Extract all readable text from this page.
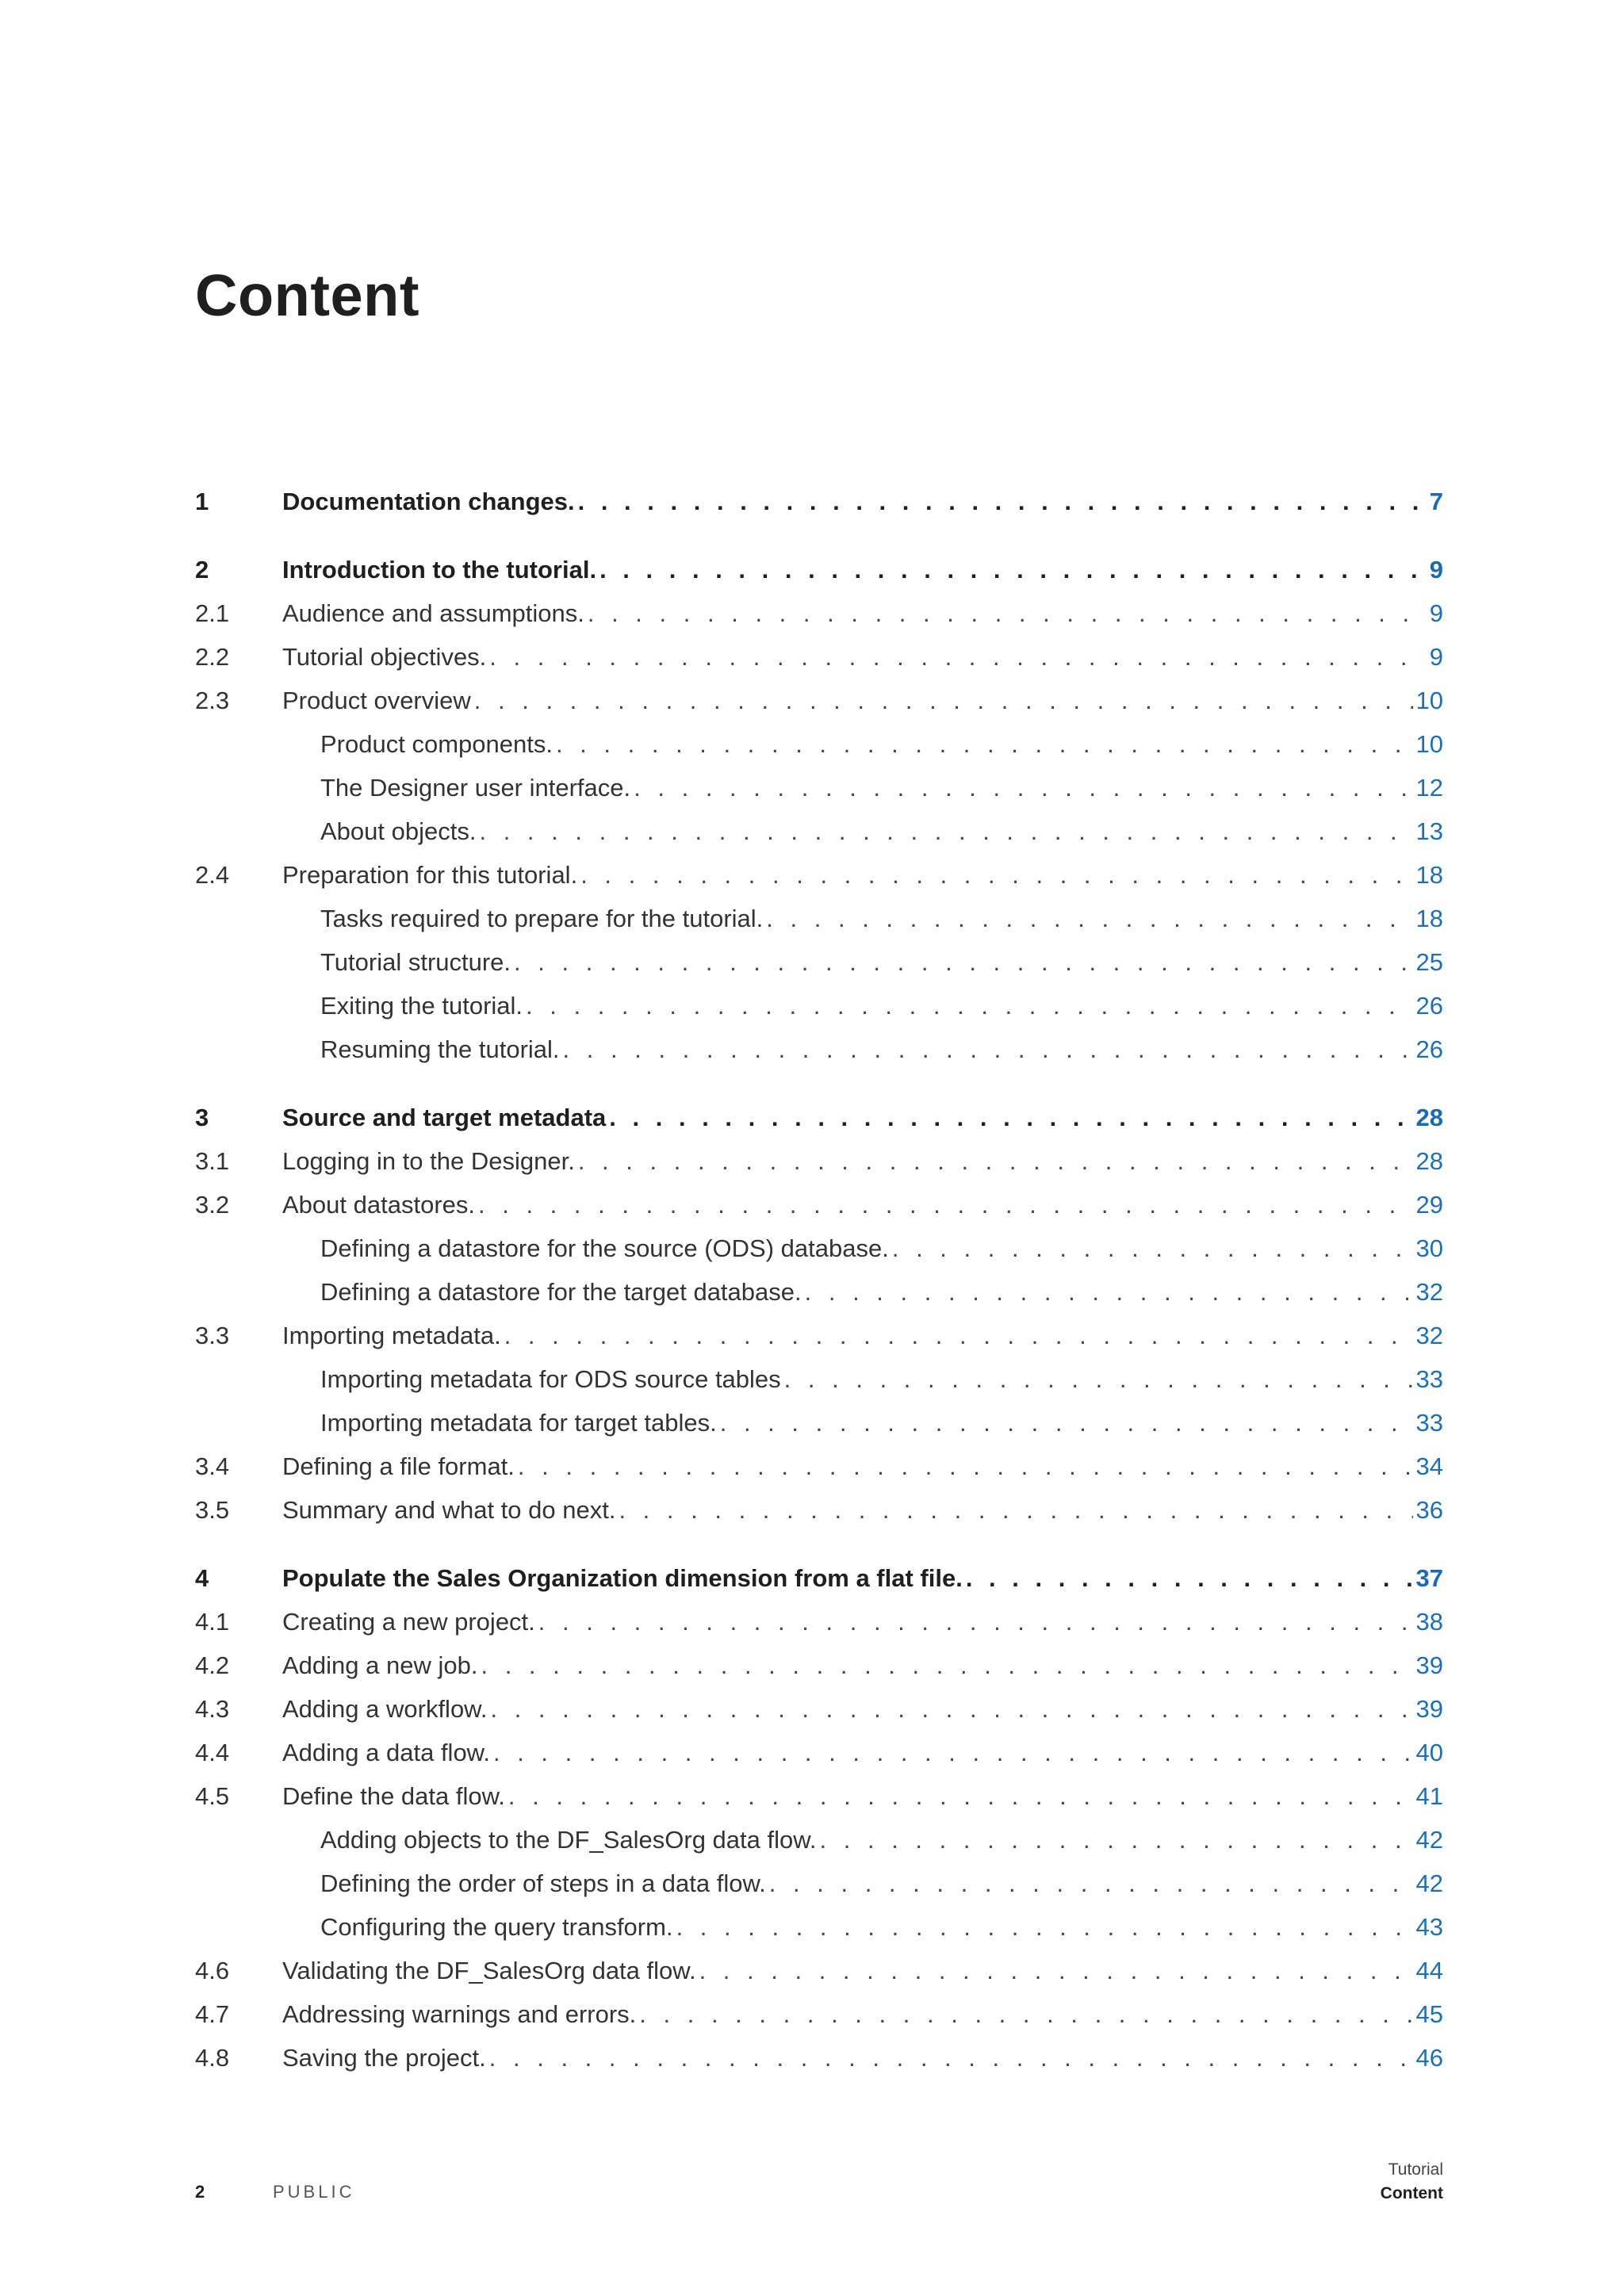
Content
1	Documentation changes. . . .	7
2	Introduction to the tutorial. . . .	9
2.1	Audience and assumptions. . . .	9
2.2	Tutorial objectives. . . .	9
2.3	Product overview . . .	10
Product components. . . .	10
The Designer user interface. . . .	12
About objects. . . .	13
2.4	Preparation for this tutorial. . . .	18
Tasks required to prepare for the tutorial. . . .	18
Tutorial structure. . . .	25
Exiting the tutorial. . . .	26
Resuming the tutorial. . . .	26
3	Source and target metadata . . .	28
3.1	Logging in to the Designer. . . .	28
3.2	About datastores. . . .	29
Defining a datastore for the source (ODS) database. . . .	30
Defining a datastore for the target database. . . .	32
3.3	Importing metadata. . . .	32
Importing metadata for ODS source tables . . .	33
Importing metadata for target tables. . . .	33
3.4	Defining a file format. . . .	34
3.5	Summary and what to do next. . . .	36
4	Populate the Sales Organization dimension from a flat file. . . .	37
4.1	Creating a new project. . . .	38
4.2	Adding a new job. . . .	39
4.3	Adding a workflow. . . .	39
4.4	Adding a data flow. . . .	40
4.5	Define the data flow. . . .	41
Adding objects to the DF_SalesOrg data flow. . . .	42
Defining the order of steps in a data flow. . . .	42
Configuring the query transform. . . .	43
4.6	Validating the DF_SalesOrg data flow. . . .	44
4.7	Addressing warnings and errors. . . .	45
4.8	Saving the project. . . .	46
2	PUBLIC
Tutorial
Content
